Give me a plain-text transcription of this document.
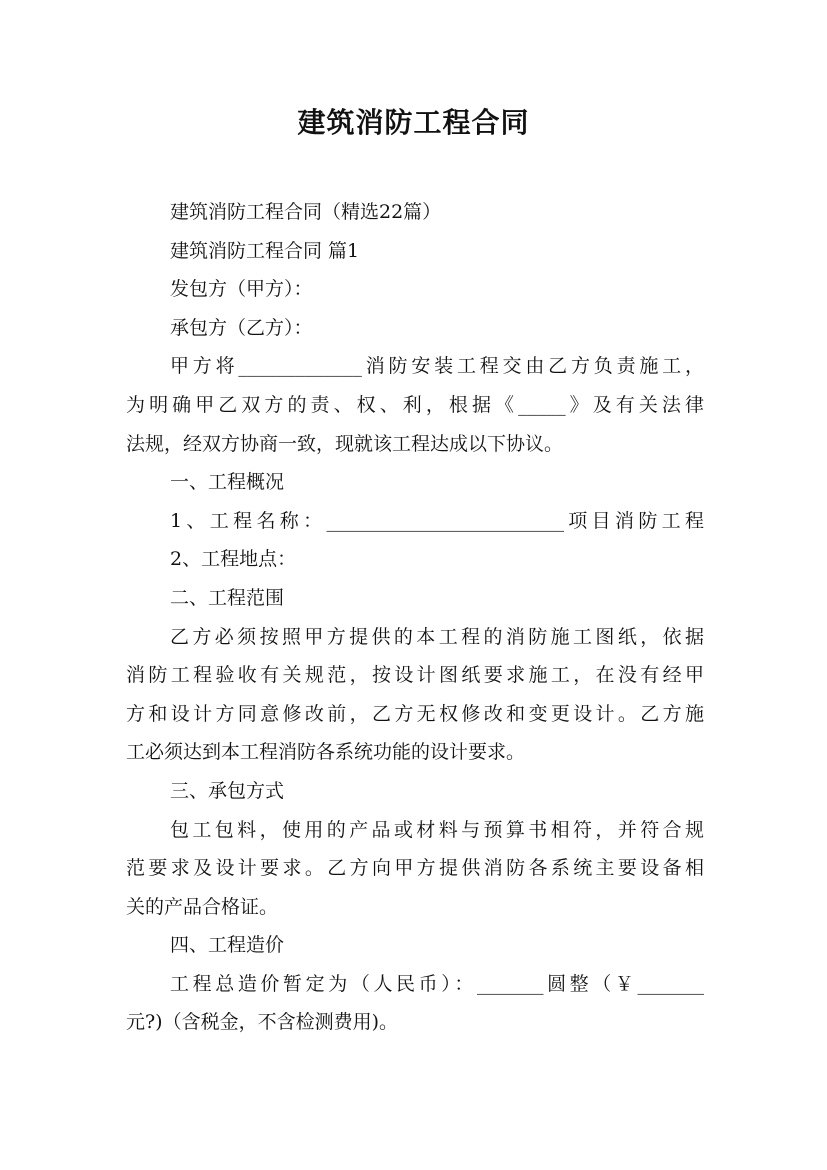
建筑消防工程合同

建筑消防工程合同（精选22篇）

建筑消防工程合同 篇1

发包方（甲方）：

承包方（乙方）：

甲方将_____________消防安装工程交由乙方负责施工，

为明确甲乙双方的责、权、利，根据《_____》及有关法律

法规，经双方协商一致，现就该工程达成以下协议。

一、工程概况

1、工程名称：_________________________项目消防工程

2、工程地点：

二、工程范围

乙方必须按照甲方提供的本工程的消防施工图纸，依据

消防工程验收有关规范，按设计图纸要求施工，在没有经甲

方和设计方同意修改前，乙方无权修改和变更设计。乙方施

工必须达到本工程消防各系统功能的设计要求。

三、承包方式

包工包料，使用的产品或材料与预算书相符，并符合规

范要求及设计要求。乙方向甲方提供消防各系统主要设备相

关的产品合格证。

四、工程造价

工程总造价暂定为（人民币）：_______圆整（￥_______

元?)（含税金，不含检测费用)。
